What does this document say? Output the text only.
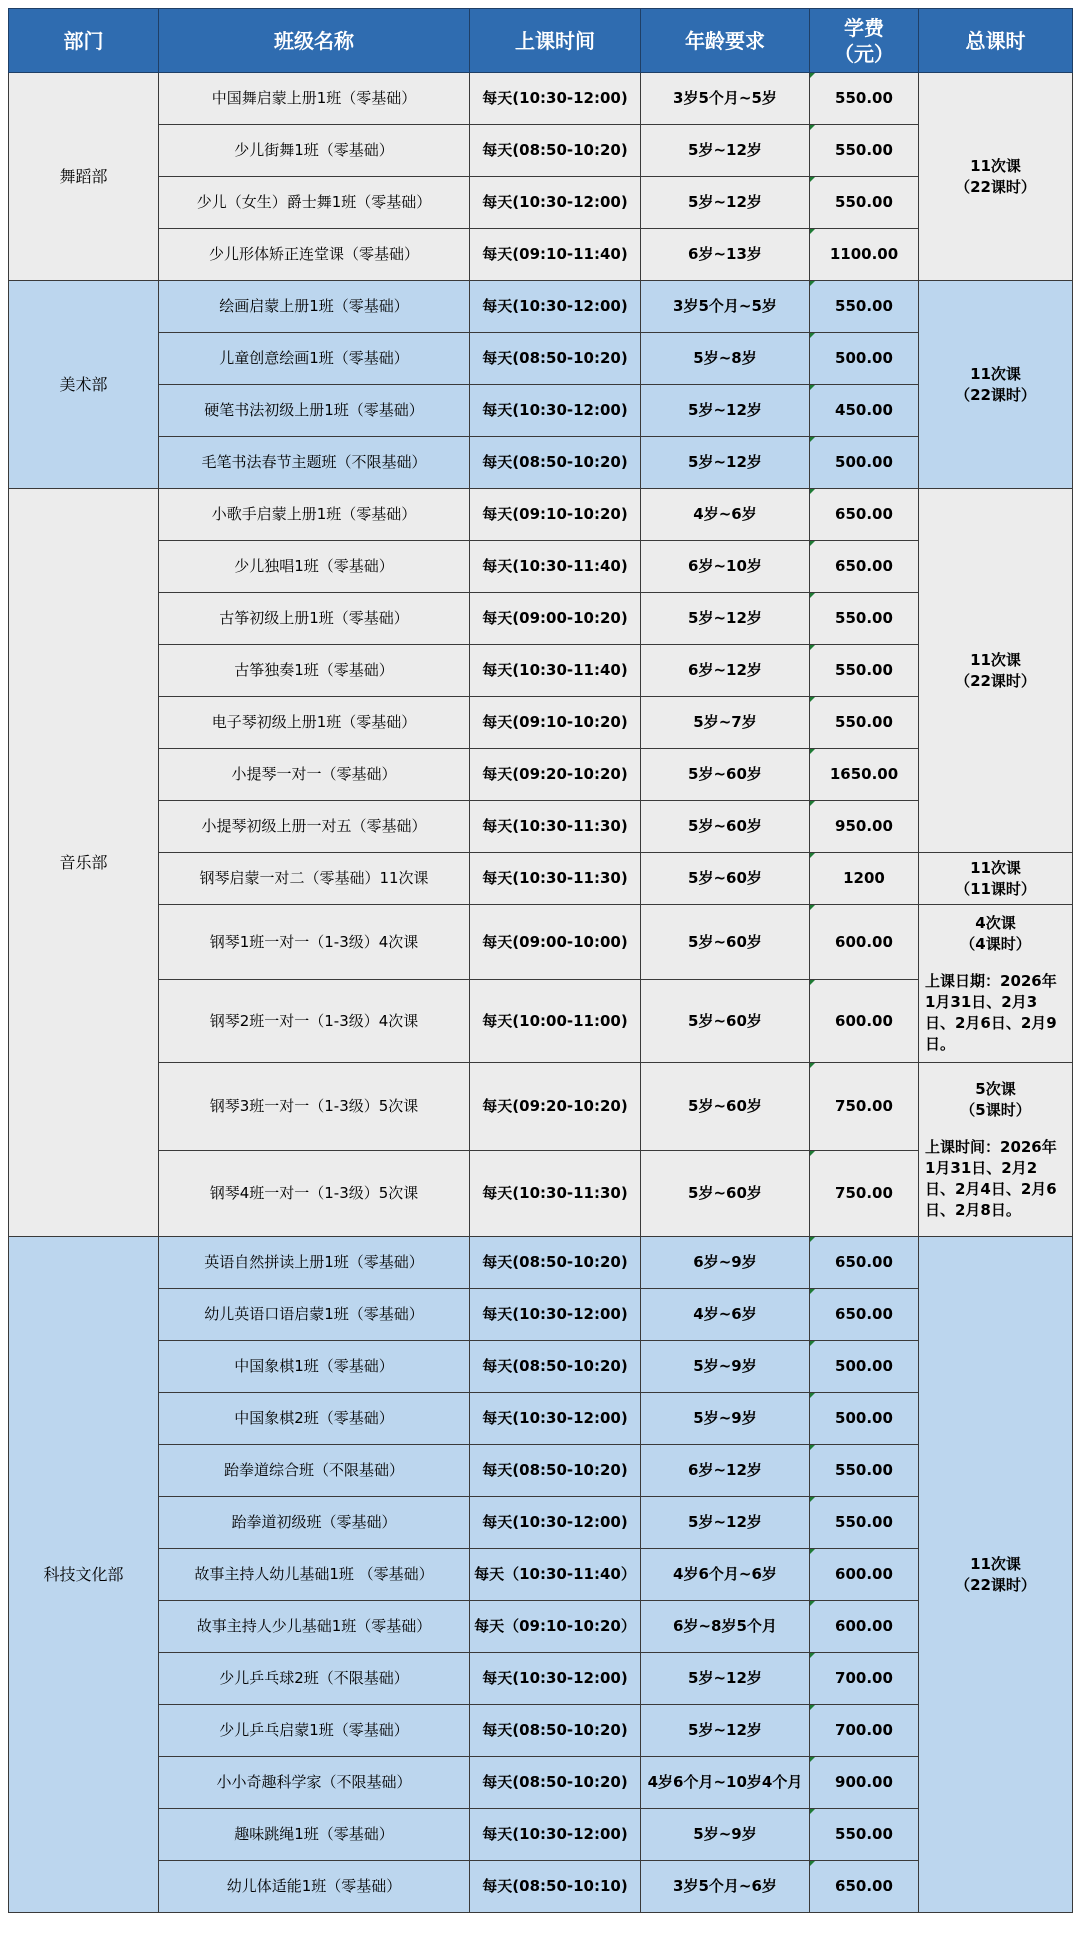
部门	班级名称	上课时间	年龄要求	学费（元）	总课时
舞蹈部	中国舞启蒙上册1班（零基础）	每天(10:30-12:00)	3岁5个月~5岁	550.00	11次课
（22课时）

	少儿街舞1班（零基础）	每天(08:50-10:20)	5岁~12岁	550.00	
	少儿（女生）爵士舞1班（零基础）	每天(10:30-12:00)	5岁~12岁	550.00	
	少儿形体矫正连堂课（零基础）	每天(09:10-11:40)	6岁~13岁	1100.00	
美术部	绘画启蒙上册1班（零基础）	每天(10:30-12:00)	3岁5个月~5岁	550.00	11次课
（22课时）

	儿童创意绘画1班（零基础）	每天(08:50-10:20)	5岁~8岁	500.00	
	硬笔书法初级上册1班（零基础）	每天(10:30-12:00)	5岁~12岁	450.00	
	毛笔书法春节主题班（不限基础）	每天(08:50-10:20)	5岁~12岁	500.00	
音乐部	小歌手启蒙上册1班（零基础）	每天(09:10-10:20)	4岁~6岁	650.00	11次课
（22课时）

	少儿独唱1班（零基础）	每天(10:30-11:40)	6岁~10岁	650.00	
	古筝初级上册1班（零基础）	每天(09:00-10:20)	5岁~12岁	550.00	
	古筝独奏1班（零基础）	每天(10:30-11:40)	6岁~12岁	550.00	
	电子琴初级上册1班（零基础）	每天(09:10-10:20)	5岁~7岁	550.00	
	小提琴一对一（零基础）	每天(09:20-10:20)	5岁~60岁	1650.00	
	小提琴初级上册一对五（零基础）	每天(10:30-11:30)	5岁~60岁	950.00	
	钢琴启蒙一对二（零基础）11次课	每天(10:30-11:30)	5岁~60岁	1200	11次课
（11课时）

	钢琴1班一对一（1-3级）4次课	每天(09:00-10:00)	5岁~60岁	600.00	4次课
（4课时）
上课日期：2026年1月31日、2月3日、2月6日、2月9日。

	钢琴2班一对一（1-3级）4次课	每天(10:00-11:00)	5岁~60岁	600.00	
	钢琴3班一对一（1-3级）5次课	每天(09:20-10:20)	5岁~60岁	750.00	5次课
（5课时）
上课时间：2026年1月31日、2月2日、2月4日、2月6日、2月8日。

	钢琴4班一对一（1-3级）5次课	每天(10:30-11:30)	5岁~60岁	750.00	
科技文化部	英语自然拼读上册1班（零基础）	每天(08:50-10:20)	6岁~9岁	650.00	11次课
（22课时）

	幼儿英语口语启蒙1班（零基础）	每天(10:30-12:00)	4岁~6岁	650.00	
	中国象棋1班（零基础）	每天(08:50-10:20)	5岁~9岁	500.00	
	中国象棋2班（零基础）	每天(10:30-12:00)	5岁~9岁	500.00	
	跆拳道综合班（不限基础）	每天(08:50-10:20)	6岁~12岁	550.00	
	跆拳道初级班（零基础）	每天(10:30-12:00)	5岁~12岁	550.00	
	故事主持人幼儿基础1班 （零基础）	每天（10:30-11:40）	4岁6个月~6岁	600.00	
	故事主持人少儿基础1班（零基础）	每天（09:10-10:20）	6岁~8岁5个月	600.00	
	少儿乒乓球2班（不限基础）	每天(10:30-12:00)	5岁~12岁	700.00	
	少儿乒乓启蒙1班（零基础）	每天(08:50-10:20)	5岁~12岁	700.00	
	小小奇趣科学家（不限基础）	每天(08:50-10:20)	4岁6个月~10岁4个月	900.00	
	趣味跳绳1班（零基础）	每天(10:30-12:00)	5岁~9岁	550.00	
	幼儿体适能1班（零基础）	每天(08:50-10:10)	3岁5个月~6岁	650.00	
